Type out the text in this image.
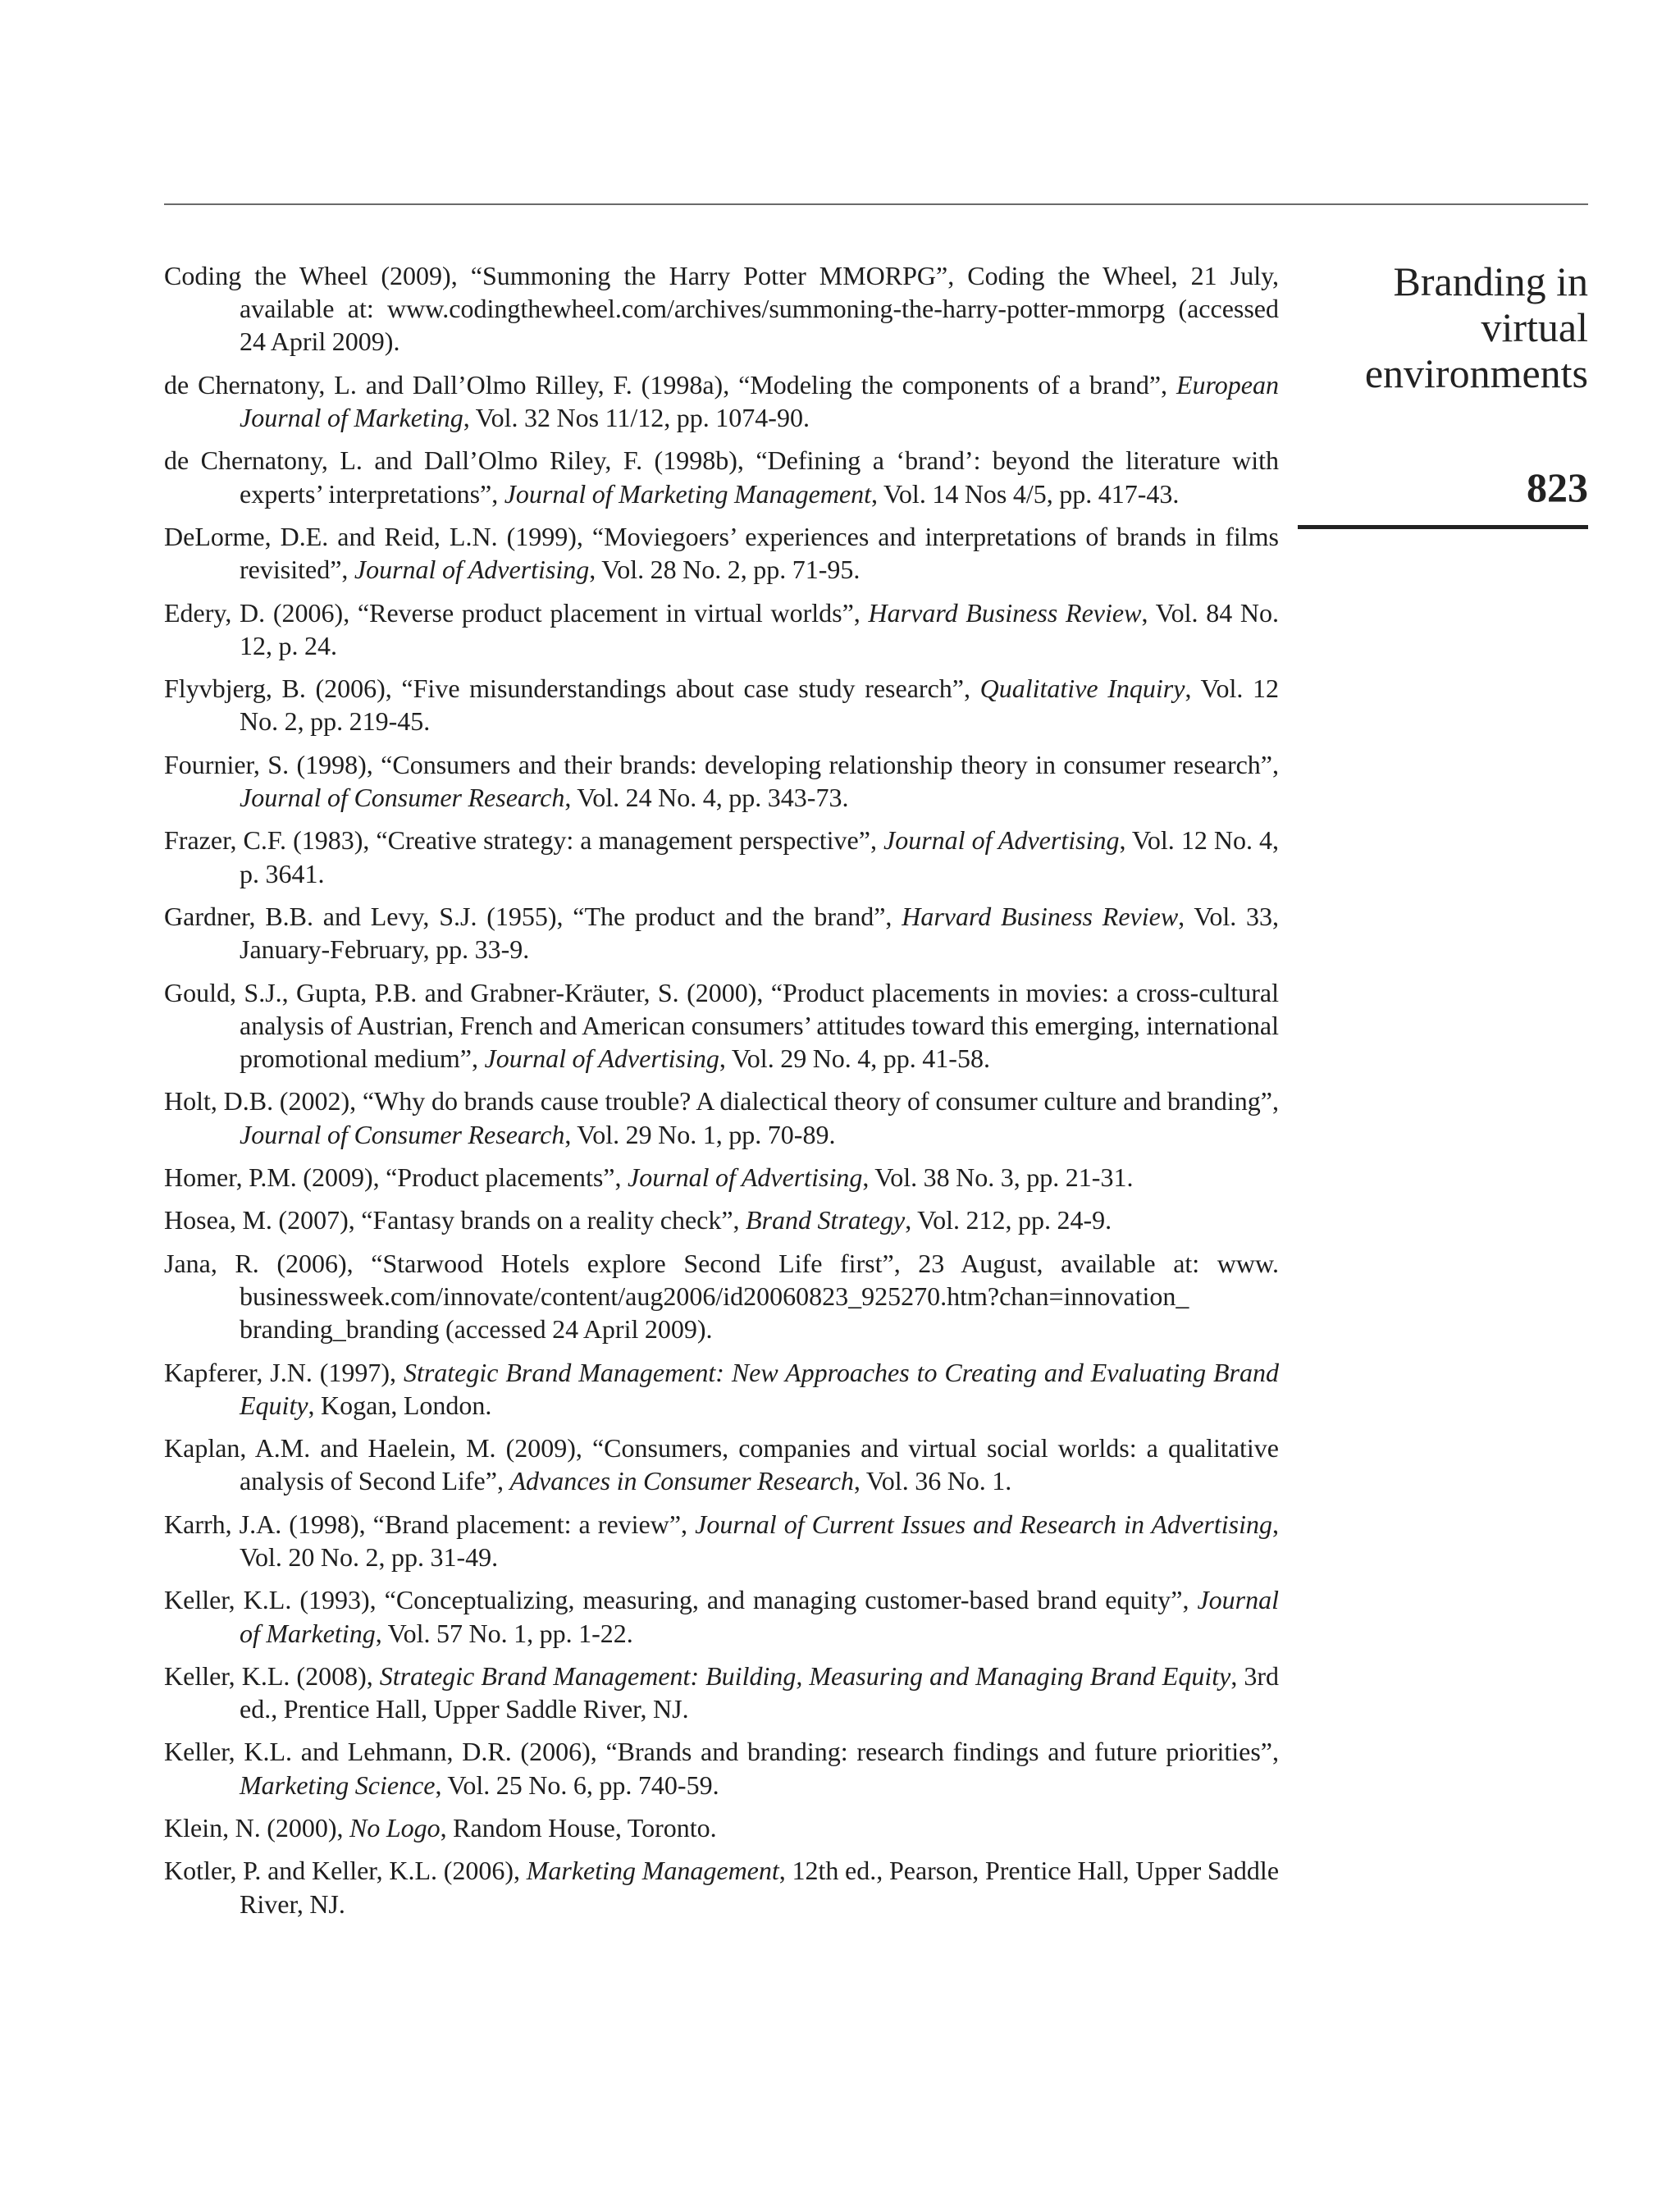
Branding in
virtual
environments
823
Coding the Wheel (2009), “Summoning the Harry Potter MMORPG”, Coding the Wheel, 21 July, available at: www.codingthewheel.com/archives/summoning-the-harry-potter-mmorpg (accessed 24 April 2009).
de Chernatony, L. and Dall’Olmo Rilley, F. (1998a), “Modeling the components of a brand”, European Journal of Marketing, Vol. 32 Nos 11/12, pp. 1074-90.
de Chernatony, L. and Dall’Olmo Riley, F. (1998b), “Defining a ‘brand’: beyond the literature with experts’ interpretations”, Journal of Marketing Management, Vol. 14 Nos 4/5, pp. 417-43.
DeLorme, D.E. and Reid, L.N. (1999), “Moviegoers’ experiences and interpretations of brands in films revisited”, Journal of Advertising, Vol. 28 No. 2, pp. 71-95.
Edery, D. (2006), “Reverse product placement in virtual worlds”, Harvard Business Review, Vol. 84 No. 12, p. 24.
Flyvbjerg, B. (2006), “Five misunderstandings about case study research”, Qualitative Inquiry, Vol. 12 No. 2, pp. 219-45.
Fournier, S. (1998), “Consumers and their brands: developing relationship theory in consumer research”, Journal of Consumer Research, Vol. 24 No. 4, pp. 343-73.
Frazer, C.F. (1983), “Creative strategy: a management perspective”, Journal of Advertising, Vol. 12 No. 4, p. 3641.
Gardner, B.B. and Levy, S.J. (1955), “The product and the brand”, Harvard Business Review, Vol. 33, January-February, pp. 33-9.
Gould, S.J., Gupta, P.B. and Grabner-Kräuter, S. (2000), “Product placements in movies: a cross-cultural analysis of Austrian, French and American consumers’ attitudes toward this emerging, international promotional medium”, Journal of Advertising, Vol. 29 No. 4, pp. 41-58.
Holt, D.B. (2002), “Why do brands cause trouble? A dialectical theory of consumer culture and branding”, Journal of Consumer Research, Vol. 29 No. 1, pp. 70-89.
Homer, P.M. (2009), “Product placements”, Journal of Advertising, Vol. 38 No. 3, pp. 21-31.
Hosea, M. (2007), “Fantasy brands on a reality check”, Brand Strategy, Vol. 212, pp. 24-9.
Jana, R. (2006), “Starwood Hotels explore Second Life first”, 23 August, available at: www. businessweek.com/innovate/content/aug2006/id20060823_925270.htm?chan=innovation_ branding_branding (accessed 24 April 2009).
Kapferer, J.N. (1997), Strategic Brand Management: New Approaches to Creating and Evaluating Brand Equity, Kogan, London.
Kaplan, A.M. and Haelein, M. (2009), “Consumers, companies and virtual social worlds: a qualitative analysis of Second Life”, Advances in Consumer Research, Vol. 36 No. 1.
Karrh, J.A. (1998), “Brand placement: a review”, Journal of Current Issues and Research in Advertising, Vol. 20 No. 2, pp. 31-49.
Keller, K.L. (1993), “Conceptualizing, measuring, and managing customer-based brand equity”, Journal of Marketing, Vol. 57 No. 1, pp. 1-22.
Keller, K.L. (2008), Strategic Brand Management: Building, Measuring and Managing Brand Equity, 3rd ed., Prentice Hall, Upper Saddle River, NJ.
Keller, K.L. and Lehmann, D.R. (2006), “Brands and branding: research findings and future priorities”, Marketing Science, Vol. 25 No. 6, pp. 740-59.
Klein, N. (2000), No Logo, Random House, Toronto.
Kotler, P. and Keller, K.L. (2006), Marketing Management, 12th ed., Pearson, Prentice Hall, Upper Saddle River, NJ.
